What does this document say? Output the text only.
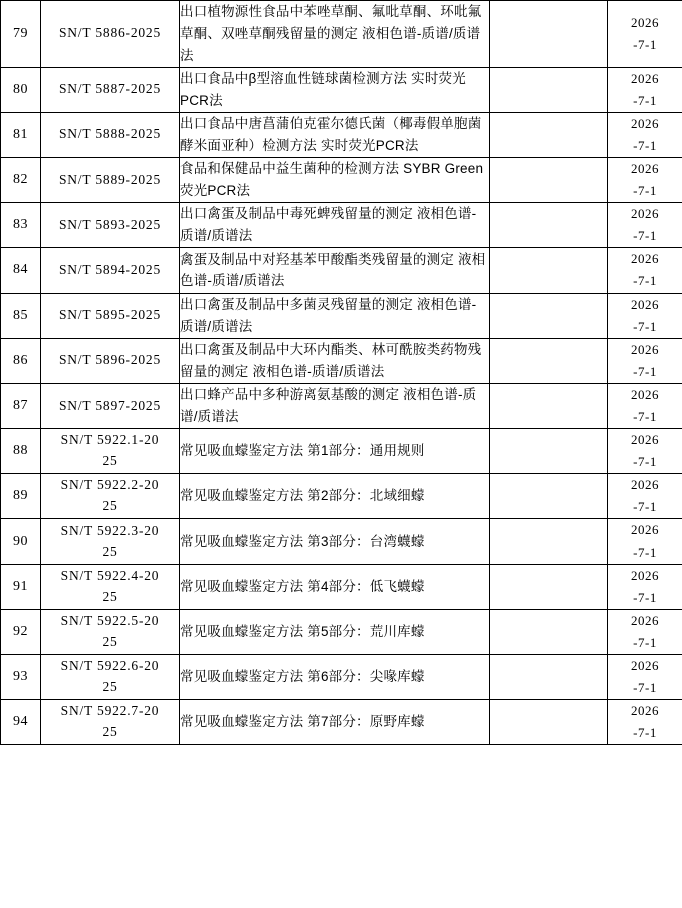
79	SN/T 5886-2025	出口植物源性食品中苯唑草酮、氟吡草酮、环吡氟草酮、双唑草酮残留量的测定 液相色谱-质谱/质谱法		2026
-7-1

80	SN/T 5887-2025	出口食品中β型溶血性链球菌检测方法 实时荧光PCR法		2026
-7-1

81	SN/T 5888-2025	出口食品中唐菖蒲伯克霍尔德氏菌（椰毒假单胞菌酵米面亚种）检测方法 实时荧光PCR法		2026
-7-1

82	SN/T 5889-2025	食品和保健品中益生菌种的检测方法 SYBR Green荧光PCR法		2026
-7-1

83	SN/T 5893-2025	出口禽蛋及制品中毒死蜱残留量的测定 液相色谱-质谱/质谱法		2026
-7-1

84	SN/T 5894-2025	禽蛋及制品中对羟基苯甲酸酯类残留量的测定 液相色谱-质谱/质谱法		2026
-7-1

85	SN/T 5895-2025	出口禽蛋及制品中多菌灵残留量的测定 液相色谱-质谱/质谱法		2026
-7-1

86	SN/T 5896-2025	出口禽蛋及制品中大环内酯类、林可酰胺类药物残留量的测定 液相色谱-质谱/质谱法		2026
-7-1

87	SN/T 5897-2025	出口蜂产品中多种游离氨基酸的测定 液相色谱-质谱/质谱法		2026
-7-1

88	SN/T 5922.1-20
25	常见吸血蠓鉴定方法 第1部分：通用规则		2026
-7-1

89	SN/T 5922.2-20
25	常见吸血蠓鉴定方法 第2部分：北域细蠓		2026
-7-1

90	SN/T 5922.3-20
25	常见吸血蠓鉴定方法 第3部分：台湾蠛蠓		2026
-7-1

91	SN/T 5922.4-20
25	常见吸血蠓鉴定方法 第4部分：低飞蠛蠓		2026
-7-1

92	SN/T 5922.5-20
25	常见吸血蠓鉴定方法 第5部分：荒川库蠓		2026
-7-1

93	SN/T 5922.6-20
25	常见吸血蠓鉴定方法 第6部分：尖喙库蠓		2026
-7-1

94	SN/T 5922.7-20
25	常见吸血蠓鉴定方法 第7部分：原野库蠓		2026
-7-1
